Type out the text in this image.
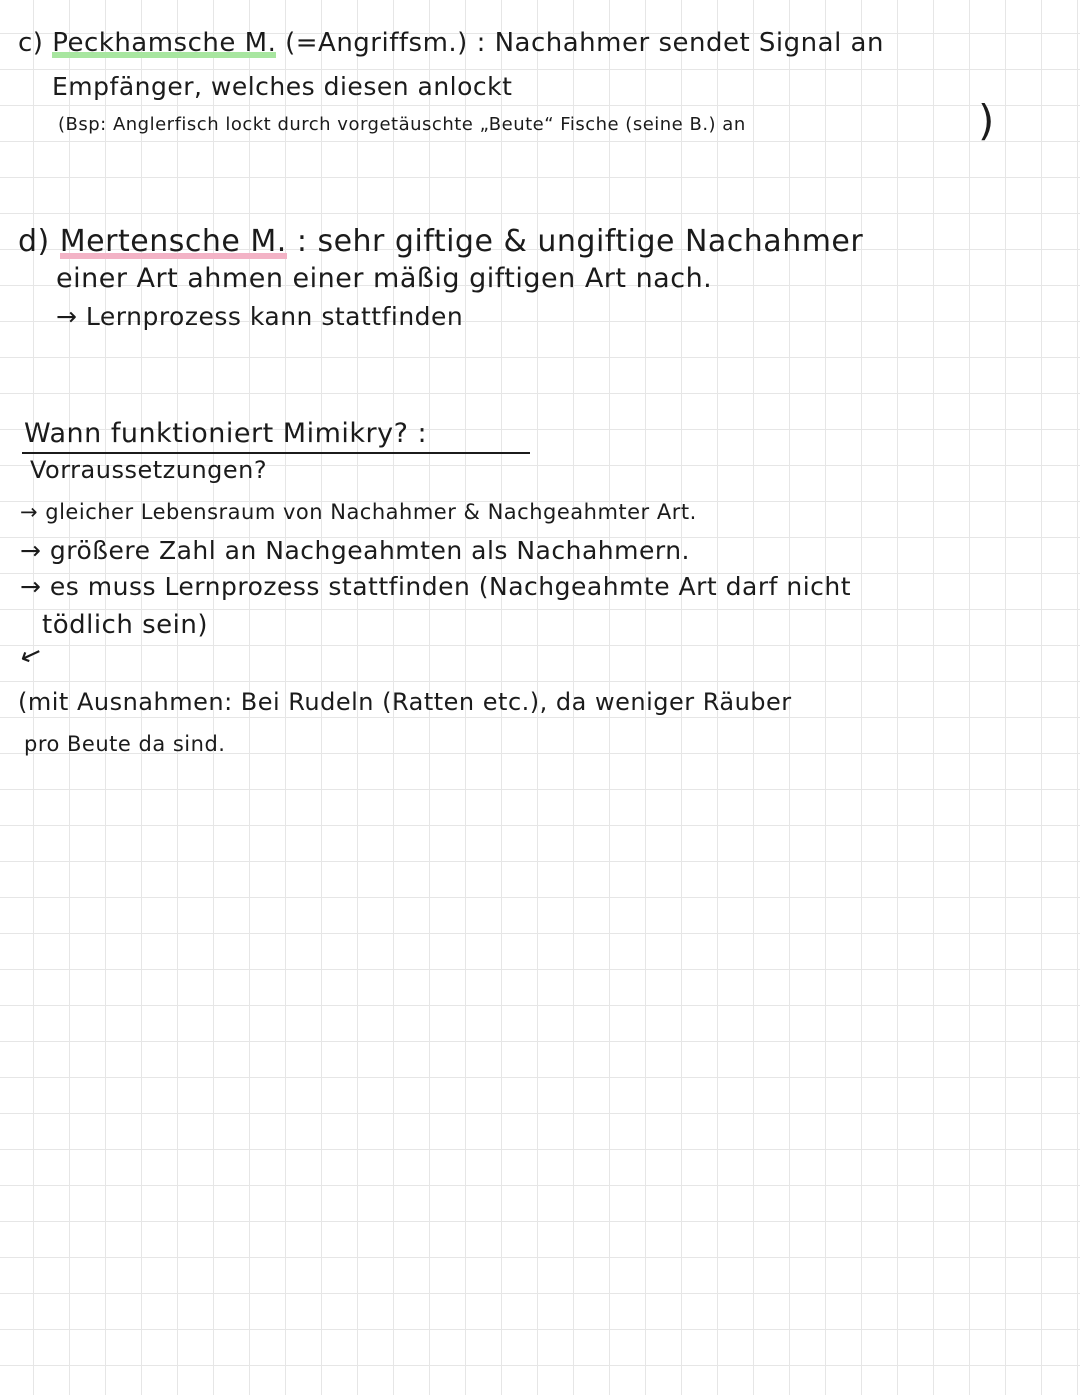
c) Peckhamsche M. (=Angriffsm.) : Nachahmer sendet Signal an
Empfänger, welches diesen anlockt
(Bsp: Anglerfisch lockt durch vorgetäuschte „Beute“ Fische (seine B.) an	)
d) Mertensche M. : sehr giftige & ungiftige Nachahmer
einer Art ahmen einer mäßig giftigen Art nach.
→ Lernprozess kann stattfinden
Wann funktioniert Mimikry? :
Vorraussetzungen?
→ gleicher Lebensraum von Nachahmer & Nachgeahmter Art.
→ größere Zahl an Nachgeahmten als Nachahmern.
→ es muss Lernprozess stattfinden (Nachgeahmte Art darf nicht
tödlich sein)
↙
(mit Ausnahmen: Bei Rudeln (Ratten etc.), da weniger Räuber
pro Beute da sind.
